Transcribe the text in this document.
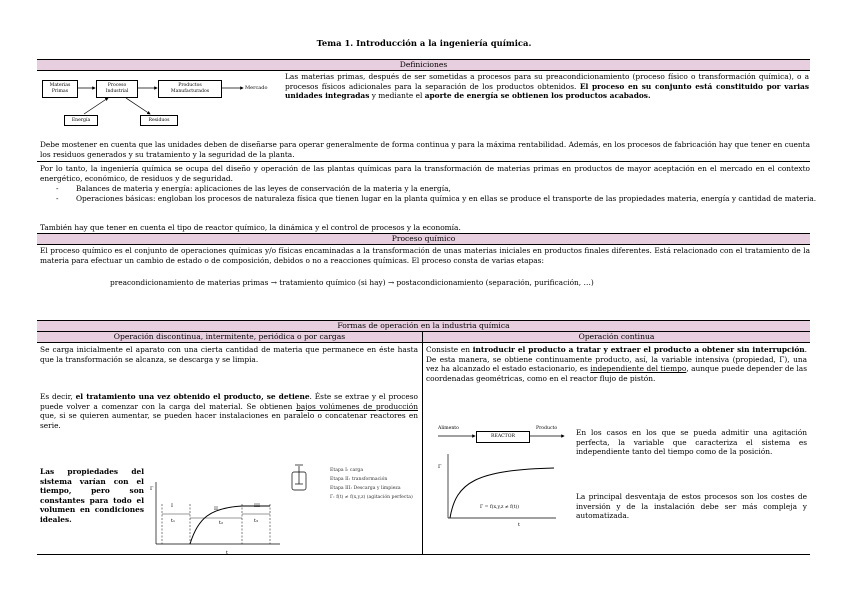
Tema 1. Introducción a la ingeniería química.
Definiciones
Materias Primas
Proceso Industrial
Productos Manufacturados
Mercado
Energía	Residuos
Las materias primas, después de ser sometidas a procesos para su preacondicionamiento (proceso físico o transformación química), o a procesos físicos adicionales para la separación de los productos obtenidos. El proceso en su conjunto está constituido por varias unidades integradas y mediante el aporte de energía se obtienen los productos acabados.
Debe mostener en cuenta que las unidades deben de diseñarse para operar generalmente de forma continua y para la máxima rentabilidad. Además, en los procesos de fabricación hay que tener en cuenta los residuos generados y su tratamiento y la seguridad de la planta.
Por lo tanto, la ingeniería química se ocupa del diseño y operación de las plantas químicas para la transformación de materias primas en productos de mayor aceptación en el mercado en el contexto energético, económico, de residuos y de seguridad.
- Balances de materia y energía: aplicaciones de las leyes de conservación de la materia y la energía,
- Operaciones básicas: engloban los procesos de naturaleza física que tienen lugar en la planta química y en ellas se produce el transporte de las propiedades materia, energía y cantidad de materia.
También hay que tener en cuenta el tipo de reactor químico, la dinámica y el control de procesos y la economía.
Proceso químico
El proceso químico es el conjunto de operaciones químicas y/o físicas encaminadas a la transformación de unas materias iniciales en productos finales diferentes. Está relacionado con el tratamiento de la materia para efectuar un cambio de estado o de composición, debidos o no a reacciones químicas. El proceso consta de varias etapas:
preacondicionamiento de materias primas → tratamiento químico (si hay) → postacondicionamiento (separación, purificación, …)
Formas de operación en la industria química
Operación discontinua, intermitente, periódica o por cargas	Operación continua
Se carga inicialmente el aparato con una cierta cantidad de materia que permanece en éste hasta que la transformación se alcanza, se descarga y se limpia.
Es decir, el tratamiento una vez obtenido el producto, se detiene. Éste se extrae y el proceso puede volver a comenzar con la carga del material. Se obtienen bajos volúmenes de producción que, si se quieren aumentar, se pueden hacer instalaciones en paralelo o concatenar reactores en serie.
Las propiedades del sistema varían con el tiempo, pero son constantes para todo el volumen en condiciones ideales.
Γ
t
I	II	III
t₁	t₂	t₃
Etapa I: carga
Etapa II: transformación
Etapa III: Descarga y limpieza
Γ: f(t) ≠ f(x,y,z) (agitación perfecta)
Consiste en introducir el producto a tratar y extraer el producto a obtener sin interrupción. De esta manera, se obtiene continuamente producto, así, la variable intensiva (propiedad, Γ), una vez ha alcanzado el estado estacionario, es independiente del tiempo, aunque puede depender de las coordenadas geométricas, como en el reactor flujo de pistón.
Alimento
REACTOR
Producto
Γ
t
Γ = f(x,y,z ≠ f(t))
En los casos en los que se pueda admitir una agitación perfecta, la variable que caracteriza el sistema es independiente tanto del tiempo como de la posición.
La principal desventaja de estos procesos son los costes de inversión y de la instalación debe ser más compleja y automatizada.
